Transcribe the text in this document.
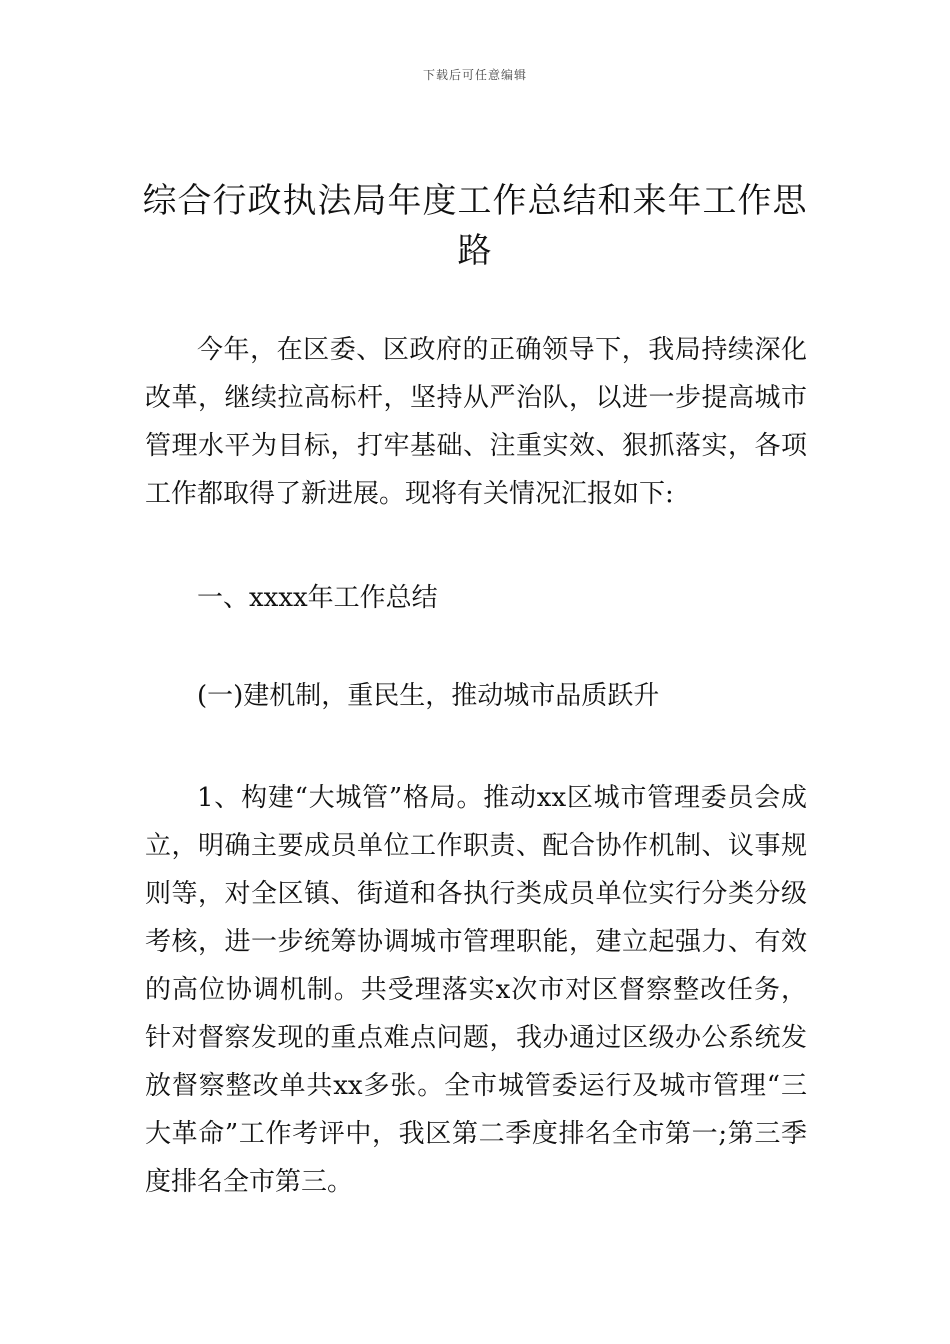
下载后可任意编辑
综合行政执法局年度工作总结和来年工作思路

今年，在区委、区政府的正确领导下，我局持续深化改革，继续拉高标杆，坚持从严治队，以进一步提高城市管理水平为目标，打牢基础、注重实效、狠抓落实，各项工作都取得了新进展。现将有关情况汇报如下:

一、xxxx年工作总结

(一)建机制，重民生，推动城市品质跃升

1、构建“大城管”格局。推动xx区城市管理委员会成立，明确主要成员单位工作职责、配合协作机制、议事规则等，对全区镇、街道和各执行类成员单位实行分类分级考核，进一步统筹协调城市管理职能，建立起强力、有效的高位协调机制。共受理落实x次市对区督察整改任务，针对督察发现的重点难点问题，我办通过区级办公系统发放督察整改单共xx多张。全市城管委运行及城市管理“三大革命”工作考评中，我区第二季度排名全市第一;第三季度排名全市第三。
